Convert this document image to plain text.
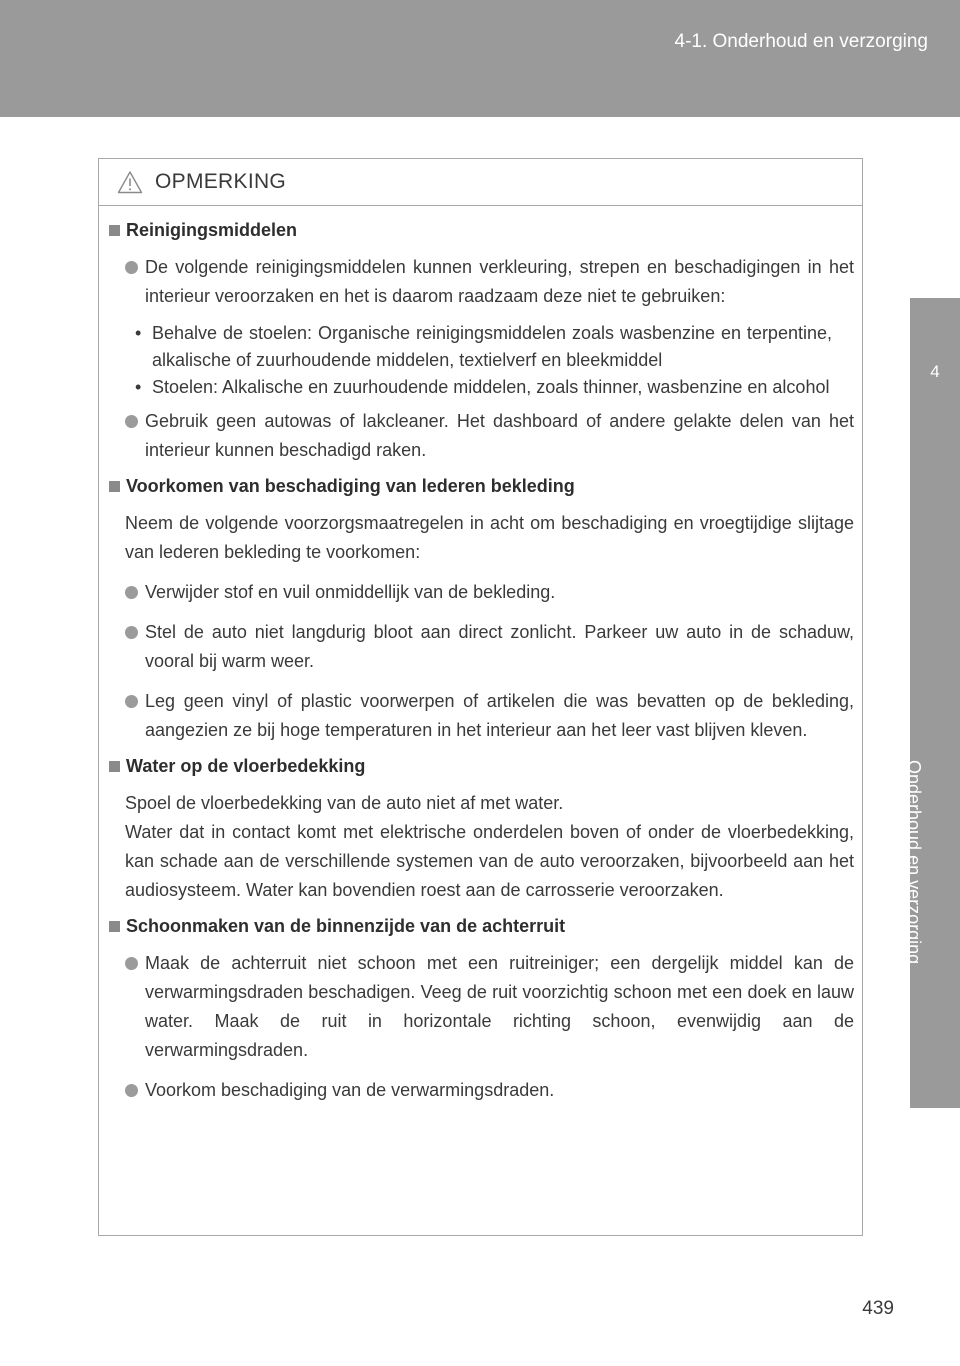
4-1. Onderhoud en verzorging
4
Onderhoud en verzorging
OPMERKING
Reinigingsmiddelen

De volgende reinigingsmiddelen kunnen verkleuring, strepen en beschadigingen in het interieur veroorzaken en het is daarom raadzaam deze niet te gebruiken:

• Behalve de stoelen: Organische reinigingsmiddelen zoals wasbenzine en terpentine, alkalische of zuurhoudende middelen, textielverf en bleekmiddel

• Stoelen: Alkalische en zuurhoudende middelen, zoals thinner, wasbenzine en alcohol

Gebruik geen autowas of lakcleaner. Het dashboard of andere gelakte delen van het interieur kunnen beschadigd raken.

Voorkomen van beschadiging van lederen bekleding

Neem de volgende voorzorgsmaatregelen in acht om beschadiging en vroegtijdige slijtage van lederen bekleding te voorkomen:

Verwijder stof en vuil onmiddellijk van de bekleding.

Stel de auto niet langdurig bloot aan direct zonlicht. Parkeer uw auto in de schaduw, vooral bij warm weer.

Leg geen vinyl of plastic voorwerpen of artikelen die was bevatten op de bekleding, aangezien ze bij hoge temperaturen in het interieur aan het leer vast blijven kleven.

Water op de vloerbedekking

Spoel de vloerbedekking van de auto niet af met water.

Water dat in contact komt met elektrische onderdelen boven of onder de vloerbedekking, kan schade aan de verschillende systemen van de auto veroorzaken, bijvoorbeeld aan het audiosysteem. Water kan bovendien roest aan de carrosserie veroorzaken.

Schoonmaken van de binnenzijde van de achterruit

Maak de achterruit niet schoon met een ruitreiniger; een dergelijk middel kan de verwarmingsdraden beschadigen. Veeg de ruit voorzichtig schoon met een doek en lauw water. Maak de ruit in horizontale richting schoon, evenwijdig aan de verwarmingsdraden.

Voorkom beschadiging van de verwarmingsdraden.

439
